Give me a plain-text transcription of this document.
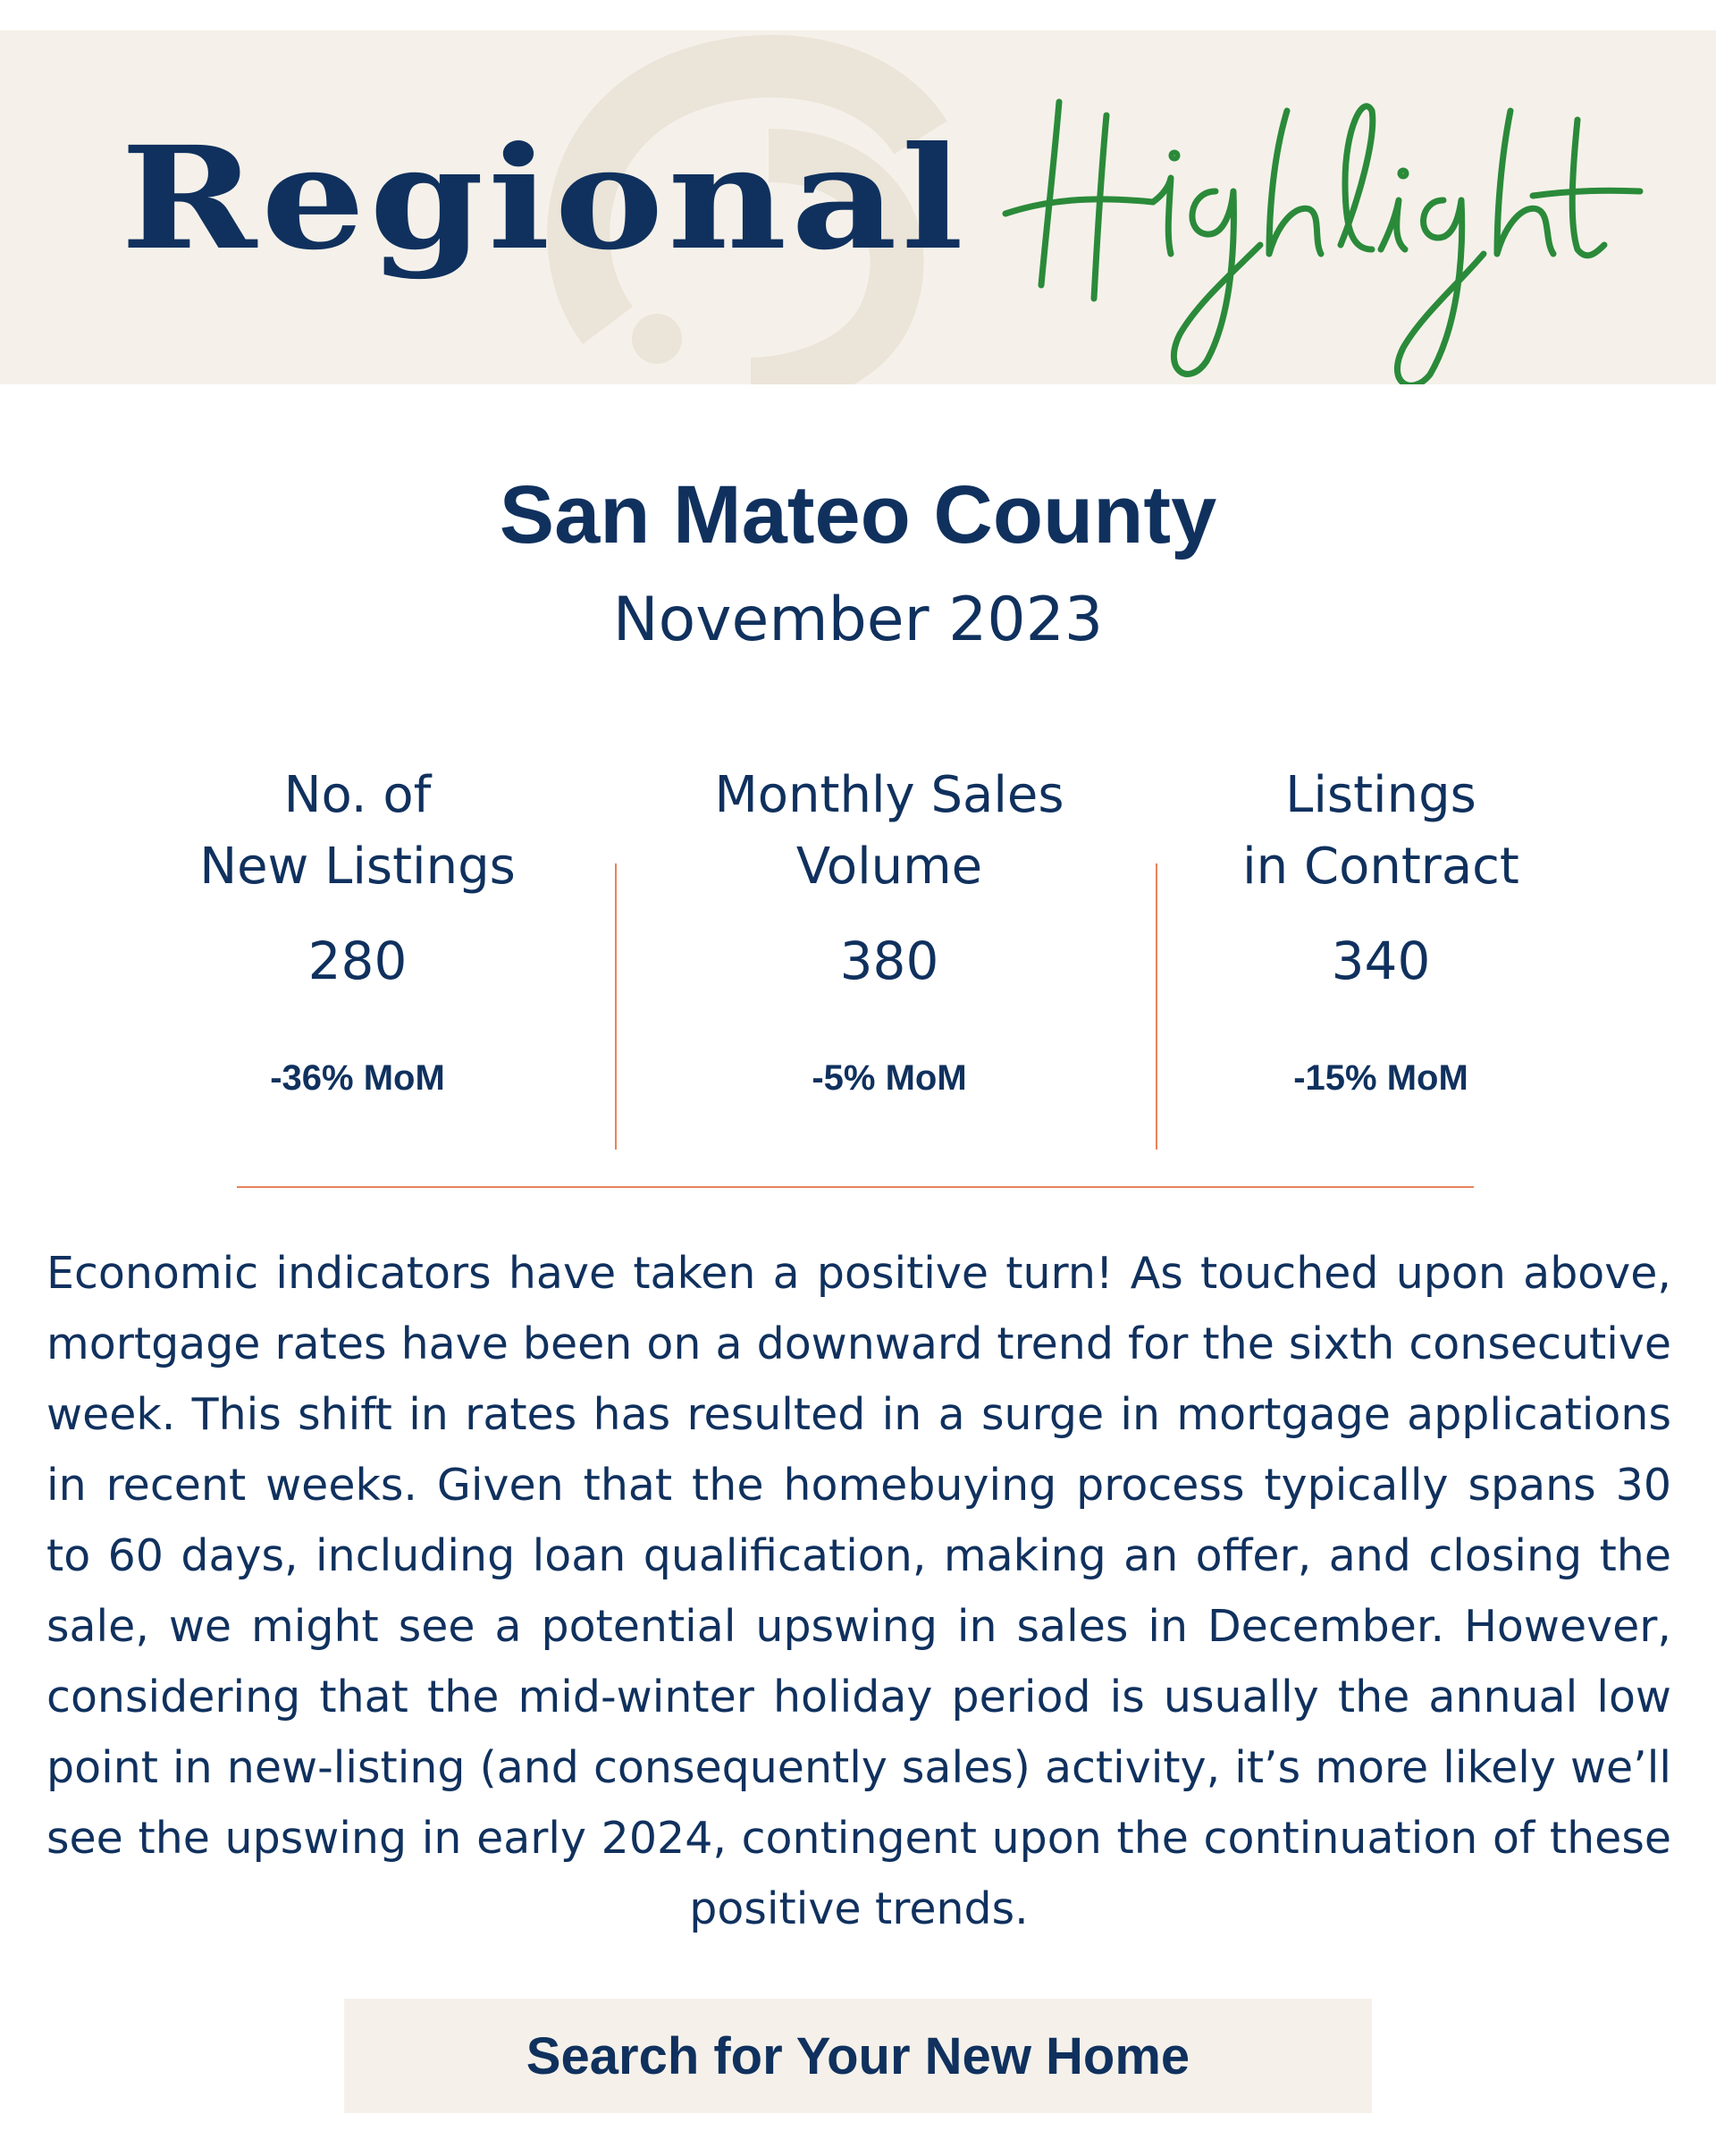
Regional
San Mateo County
November 2023
No. of
New Listings
280
-36% MoM
Monthly Sales
Volume
380
-5% MoM
Listings
in Contract
340
-15% MoM
Economic indicators have taken a positive turn! As touched upon above, mortgage rates have been on a downward trend for the sixth consecutive week. This shift in rates has resulted in a surge in mortgage applications in recent weeks. Given that the homebuying process typically spans 30 to 60 days, including loan qualification, making an offer, and closing the sale, we might see a potential upswing in sales in December. However, considering that the mid-winter holiday period is usually the annual low point in new-listing (and consequently sales) activity, it’s more likely we’ll see the upswing in early 2024, contingent upon the continuation of these positive trends.
Search for Your New Home
